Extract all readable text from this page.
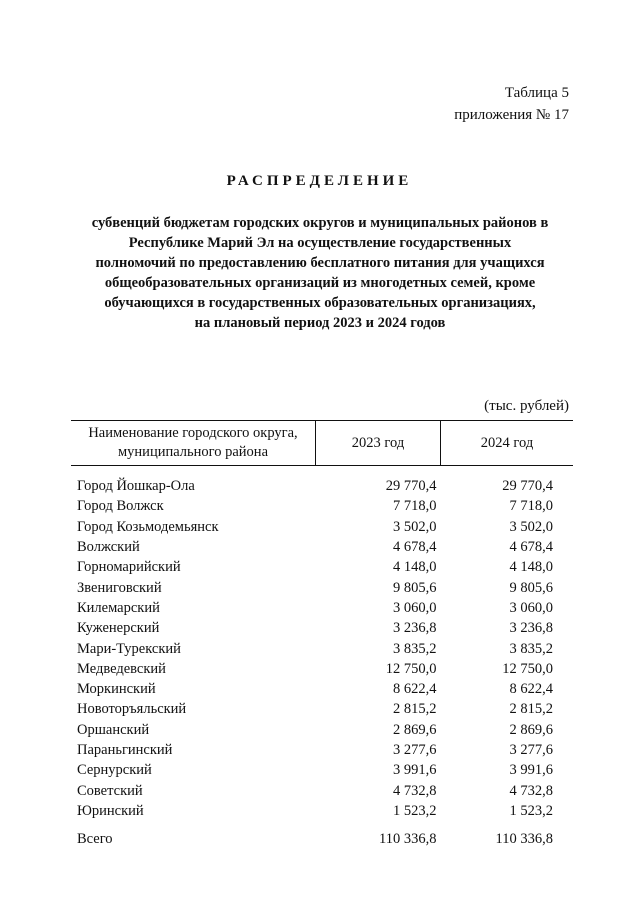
Таблица 5
приложения № 17
РАСПРЕДЕЛЕНИЕ
субвенций бюджетам городских округов и муниципальных районов в
Республике Марий Эл на осуществление государственных
полномочий по предоставлению бесплатного питания для учащихся
общеобразовательных организаций из многодетных семей, кроме
обучающихся в государственных образовательных организациях,
на плановый период 2023 и 2024 годов
(тыс. рублей)
Наименование городского округа,
муниципального района	2023 год	2024 год
Город Йошкар-Ола	29 770,4	29 770,4
Город Волжск	7 718,0	7 718,0
Город Козьмодемьянск	3 502,0	3 502,0
Волжский	4 678,4	4 678,4
Горномарийский	4 148,0	4 148,0
Звениговский	9 805,6	9 805,6
Килемарский	3 060,0	3 060,0
Куженерский	3 236,8	3 236,8
Мари-Турекский	3 835,2	3 835,2
Медведевский	12 750,0	12 750,0
Моркинский	8 622,4	8 622,4
Новоторъяльский	2 815,2	2 815,2
Оршанский	2 869,6	2 869,6
Параньгинский	3 277,6	3 277,6
Сернурский	3 991,6	3 991,6
Советский	4 732,8	4 732,8
Юринский	1 523,2	1 523,2
Всего	110 336,8	110 336,8
